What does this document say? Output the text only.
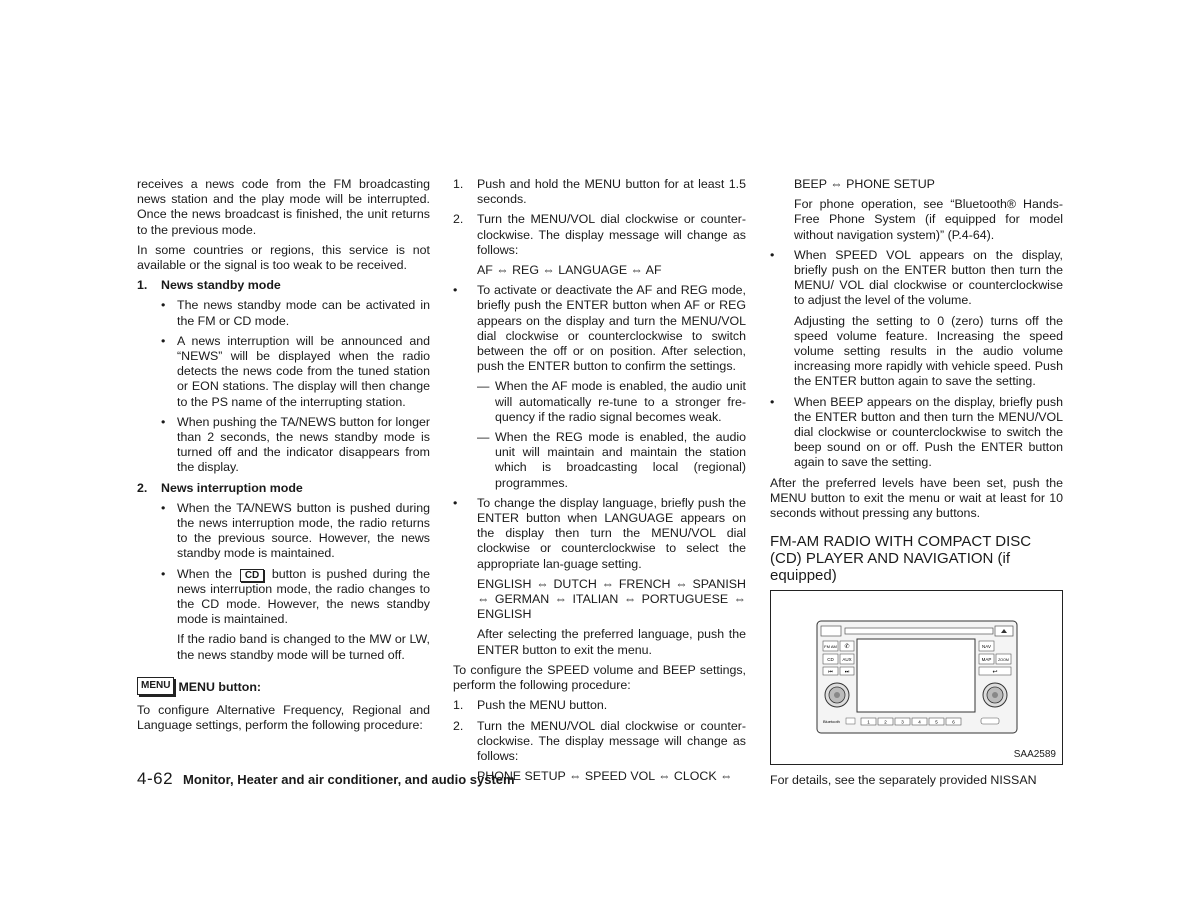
receives a news code from the FM broadcasting news station and the play mode will be interrupted. Once the news broadcast is finished, the unit returns to the previous mode.

In some countries or regions, this service is not available or the signal is too weak to be received.

1. News standby mode
• The news standby mode can be activated in the FM or CD mode.
• A news interruption will be announced and “NEWS” will be displayed when the radio detects the news code from the tuned station or EON stations. The display will then change to the PS name of the interrupting station.
• When pushing the TA/NEWS button for longer than 2 seconds, the news standby mode is turned off and the indicator disappears from the display.
2. News interruption mode
• When the TA/NEWS button is pushed during the news interruption mode, the radio returns to the previous source. However, the news standby mode is maintained.
• When the CD button is pushed during the news interruption mode, the radio changes to the CD mode. However, the news standby mode is maintained.
If the radio band is changed to the MW or LW, the news standby mode will be turned off.
MENU MENU button:

To configure Alternative Frequency, Regional and Language settings, perform the following procedure:

1. Push and hold the MENU button for at least 1.5 seconds.
2. Turn the MENU/VOL dial clockwise or counter-clockwise. The display message will change as follows:
AF ⇔ REG ⇔ LANGUAGE ⇔ AF
• To activate or deactivate the AF and REG mode, briefly push the ENTER button when AF or REG appears on the display and turn the MENU/VOL dial clockwise or counterclockwise to switch between the off or on position. After selection, push the ENTER button to confirm the settings.
— When the AF mode is enabled, the audio unit will automatically re-tune to a stronger fre-quency if the radio signal becomes weak.
— When the REG mode is enabled, the audio unit will maintain and maintain the station which is broadcasting local (regional) programmes.
• To change the display language, briefly push the ENTER button when LANGUAGE appears on the display then turn the MENU/VOL dial clockwise or counterclockwise to select the appropriate lan-guage setting.
ENGLISH ⇔ DUTCH ⇔ FRENCH ⇔ SPANISH ⇔ GERMAN ⇔ ITALIAN ⇔ PORTUGUESE ⇔ ENGLISH
After selecting the preferred language, push the ENTER button to exit the menu.

To configure the SPEED volume and BEEP settings, perform the following procedure:

1. Push the MENU button.
2. Turn the MENU/VOL dial clockwise or counter-clockwise. The display message will change as follows:
PHONE SETUP ⇔ SPEED VOL ⇔ CLOCK ⇔
BEEP ⇔ PHONE SETUP
For phone operation, see “Bluetooth® Hands-Free Phone System (if equipped for model without navigation system)” (P.4-64).
• When SPEED VOL appears on the display, briefly push on the ENTER button then turn the MENU/ VOL dial clockwise or counterclockwise to adjust the level of the volume.
Adjusting the setting to 0 (zero) turns off the speed volume feature. Increasing the speed volume setting results in the audio volume increasing more rapidly with vehicle speed. Push the ENTER button again to save the setting.
• When BEEP appears on the display, briefly push the ENTER button and then turn the MENU/VOL dial clockwise or counterclockwise to switch the beep sound on or off. Push the ENTER button again to save the setting.

After the preferred levels have been set, push the MENU button to exit the menu or wait at least for 10 seconds without pressing any buttons.

FM-AM RADIO WITH COMPACT DISC (CD) PLAYER AND NAVIGATION (if equipped)
FM AM ✆
CD AUX
⏮ ⏭
NAV
MAP ZOOM
↩
Bluetooth	1	2	3	4	5	6
SAA2589

For details, see the separately provided NISSAN

4-62 Monitor, Heater and air conditioner, and audio system
